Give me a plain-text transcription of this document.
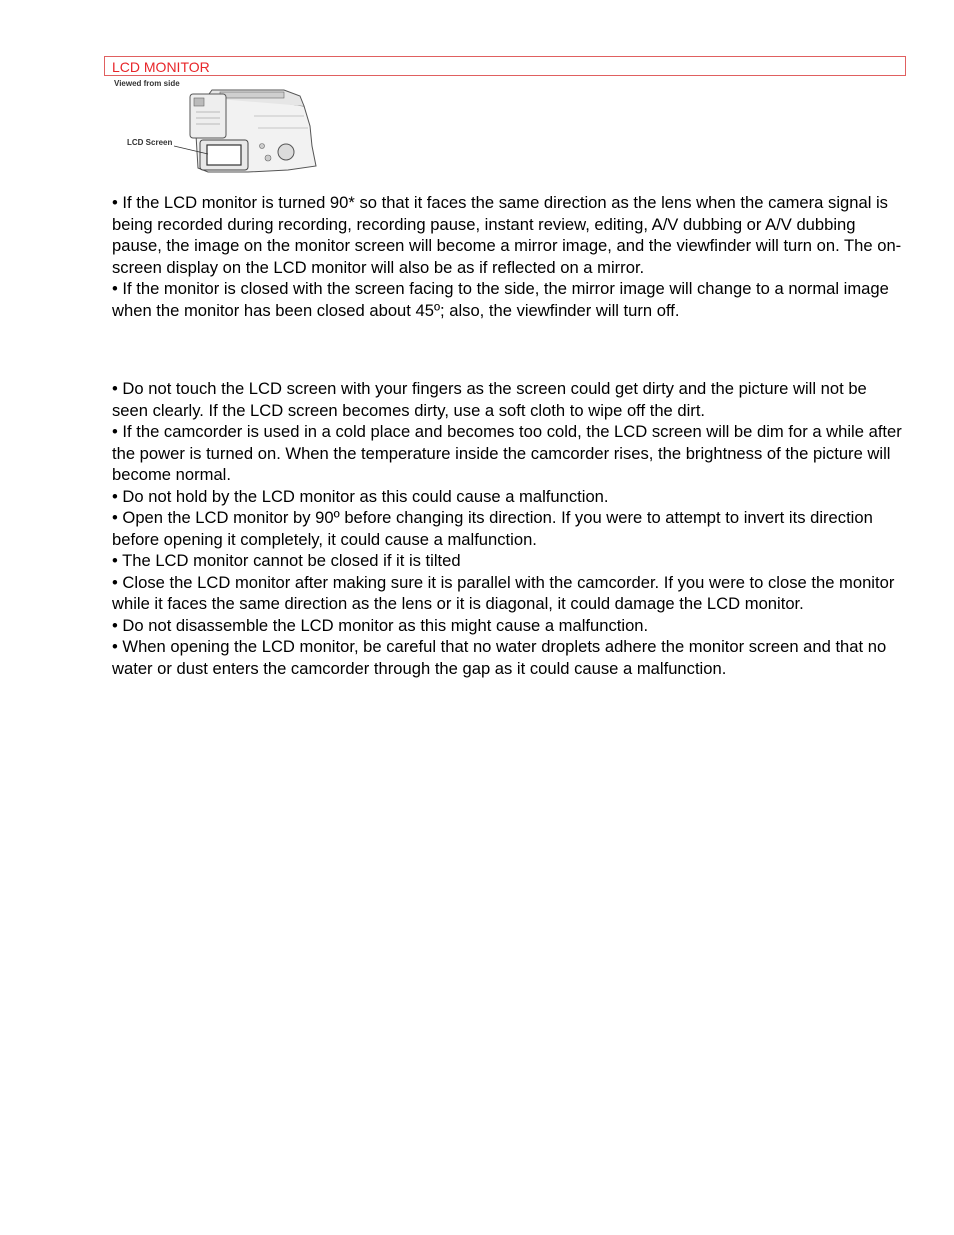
LCD MONITOR
Viewed from side
LCD Screen

• If the LCD monitor is turned 90* so that it faces the same direction as the lens when the camera signal is being recorded during recording, recording pause, instant review, editing, A/V dubbing or A/V dubbing pause, the image on the monitor screen will become a mirror image, and the viewfinder will turn on. The on-screen display on the LCD monitor will also be as if reflected on a mirror.

• If the monitor is closed with the screen facing to the side, the mirror image will change to a normal image when the monitor has been closed about 45º; also, the viewfinder will turn off.

• Do not touch the LCD screen with your fingers as the screen could get dirty and the picture will not be seen clearly. If the LCD screen becomes dirty, use a soft cloth to wipe off the dirt.

• If the camcorder is used in a cold place and becomes too cold, the LCD screen will be dim for a while after the power is turned on. When the temperature inside the camcorder rises, the brightness of the picture will become normal.

• Do not hold by the LCD monitor as this could cause a malfunction.

• Open the LCD monitor by 90º before changing its direction. If you were to attempt to invert its direction before opening it completely, it could cause a malfunction.

• The LCD monitor cannot be closed if it is tilted

• Close the LCD monitor after making sure it is parallel with the camcorder. If you were to close the monitor while it faces the same direction as the lens or it is diagonal, it could damage the LCD monitor.

• Do not disassemble the LCD monitor as this might cause a malfunction.

• When opening the LCD monitor, be careful that no water droplets adhere the monitor screen and that no water or dust enters the camcorder through the gap as it could cause a malfunction.
